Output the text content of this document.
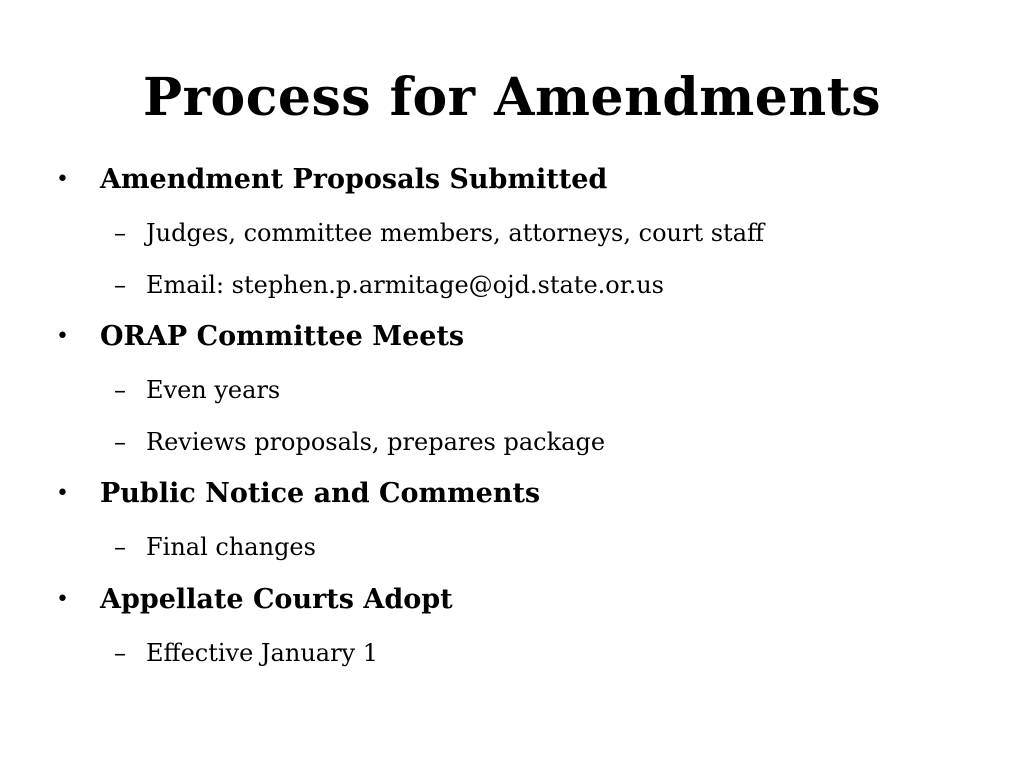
Process for Amendments
• Amendment Proposals Submitted
– Judges, committee members, attorneys, court staff
– Email: stephen.p.armitage@ojd.state.or.us
• ORAP Committee Meets
– Even years
– Reviews proposals, prepares package
• Public Notice and Comments
– Final changes
• Appellate Courts Adopt
– Effective January 1
